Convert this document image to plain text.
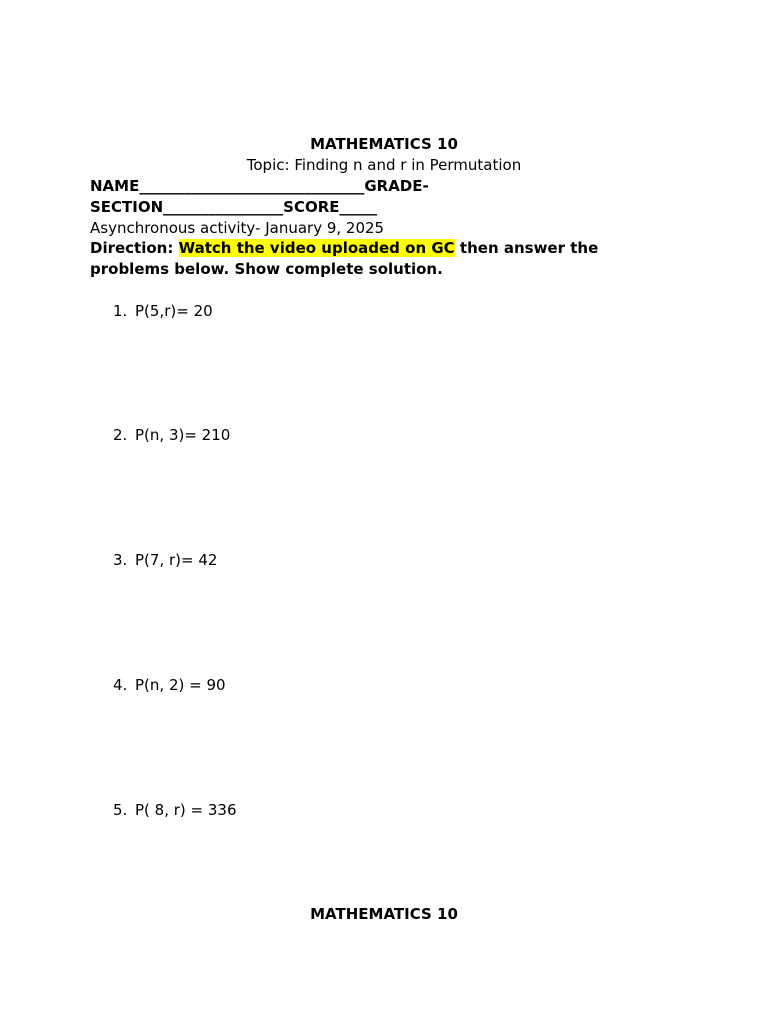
MATHEMATICS 10
Topic: Finding n and r in Permutation
NAME______________________________GRADE-
SECTION________________SCORE_____
Asynchronous activity- January 9, 2025
Direction: Watch the video uploaded on GC then answer the
problems below. Show complete solution.
1. P(5,r)= 20
2. P(n, 3)= 210
3. P(7, r)= 42
4. P(n, 2) = 90
5. P( 8, r) = 336
MATHEMATICS 10
